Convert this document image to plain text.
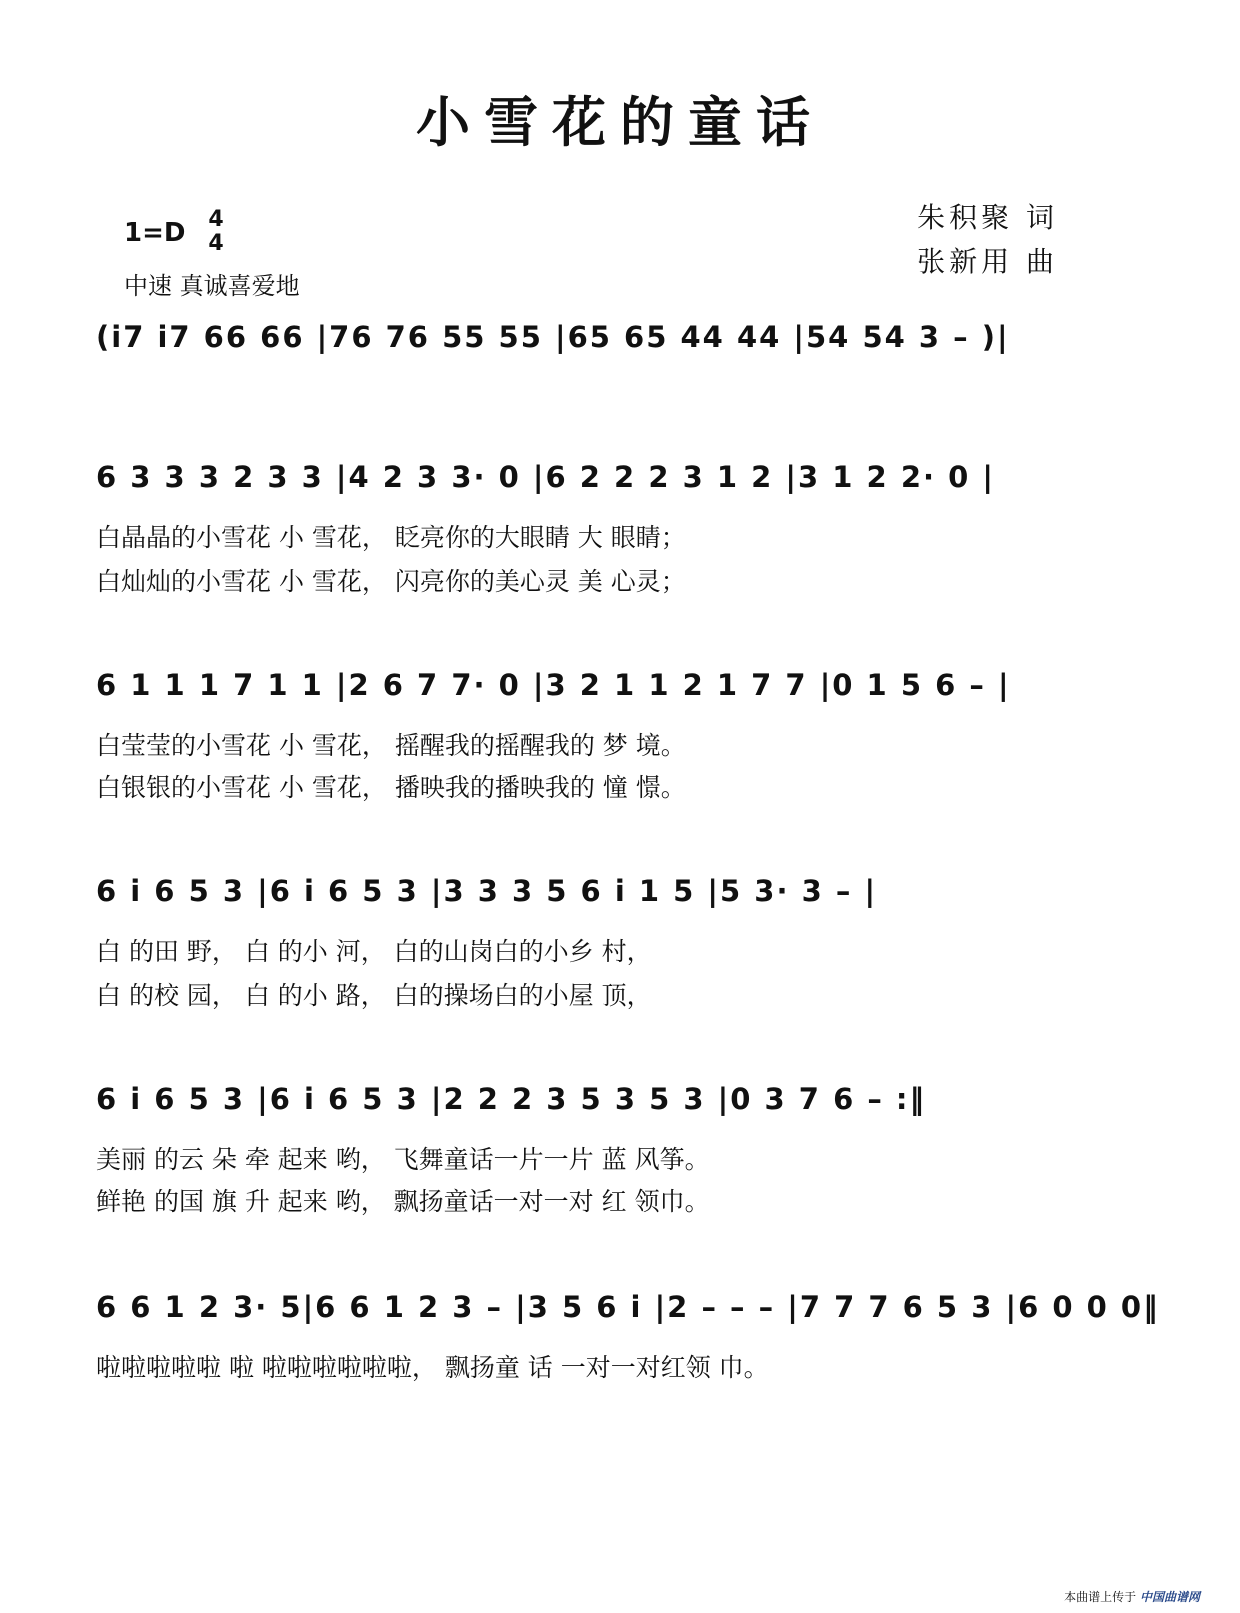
小雪花的童话
1=D 4
4
中速 真诚喜爱地
朱积聚 词
张新用 曲
(i7 i7 66 66 |76 76 55 55 |65 65 44 44 |54 54 3 – )|
6 3 3 3 2 3 3 |4 2 3 3· 0 |6 2 2 2 3 1 2 |3 1 2 2· 0 |
白晶晶的小雪花 小 雪花， 眨亮你的大眼睛 大 眼睛；
白灿灿的小雪花 小 雪花， 闪亮你的美心灵 美 心灵；
6 1 1 1 7 1 1 |2 6 7 7· 0 |3 2 1 1 2 1 7 7 |0 1 5 6 – |
白莹莹的小雪花 小 雪花， 摇醒我的摇醒我的 梦 境。
白银银的小雪花 小 雪花， 播映我的播映我的 憧 憬。
6 i 6 5 3 |6 i 6 5 3 |3 3 3 5 6 i 1 5 |5 3· 3 – |
白 的田 野， 白 的小 河， 白的山岗白的小乡 村，
白 的校 园， 白 的小 路， 白的操场白的小屋 顶，
6 i 6 5 3 |6 i 6 5 3 |2 2 2 3 5 3 5 3 |0 3 7 6 – :‖
美丽 的云 朵 牵 起来 哟， 飞舞童话一片一片 蓝 风筝。
鲜艳 的国 旗 升 起来 哟， 飘扬童话一对一对 红 领巾。
6 6 1 2 3· 5|6 6 1 2 3 – |3 5 6 i |2 – – – |7 7 7 6 5 3 |6 0 0 0‖
啦啦啦啦啦 啦 啦啦啦啦啦啦， 飘扬童 话 一对一对红领 巾。
本曲谱上传于 中国曲谱网
